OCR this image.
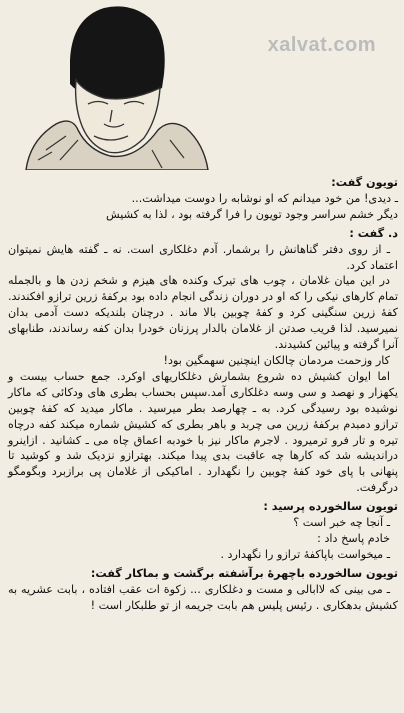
xalvat.com

تویون گفت:

ـ دیدی! من خود میدانم که او نوشابه را دوست میداشت...

دیگر خشم سراسر وجود تویون را فرا گرفته بود ، لذا به کشیش

د. گفت :

ـ از روی دفتر گناهانش را برشمار. آدم دغلکاری است. نه ـ گفته هایش نمیتوان اعتماد کرد.

در این میان غلامان ، چوب های تیرک وکنده های هیزم و شخم زدن ها و بالجمله تمام کارهای نیکی را که او در دوران زندگی انجام داده بود برکفهٔ زرین ترازو افکندند. کفهٔ زرین سنگینی کرد و کفهٔ چوبین بالا ماند . درچنان بلندیکه دست آدمی بدان نمیرسید. لذا قریب صدتن از غلامان بالدار پرزنان خودرا بدان کفه رساندند، طنابهای آنرا گرفته و پیائین کشیدند.

کار وزحمت مردمان چالکان اینچنین سهمگین بود!

اما ایوان کشیش ده شروع بشمارش دغلکاریهای اوکرد. جمع حساب بیست و یکهزار و نهصد و سی وسه دغلکاری آمد.سپس بحساب بطری های ودکائی که ماکار نوشیده بود رسیدگی کرد. به ـ چهارصد بطر میرسید . ماکار میدید که کفهٔ چوبین ترازو دمبدم برکفهٔ زرین می چربد و باهر بطری که کشیش شماره میکند کفه درچاه تیره و تار فرو ترمیرود . لاجرم ماکار نیز با خودبه اعماق چاه می ـ کشانید . ازاینرو دراندیشه شد که کارها چه عاقبت بدی پیدا میکند. بهترازو نزدیک شد و کوشید تا پنهانی با پای خود کفهٔ چوبین را نگهدارد . اماکیکی از غلامان پی برازبرد وبگومگو درگرفت.

تویون سالخورده پرسید :

ـ آنجا چه خبر است ؟

خادم پاسخ داد :

ـ میخواست باپاکفهٔ ترازو را نگهدارد .

تویون سالخورده باچهرهٔ برآشفته برگشت و بماکار گفت:

ـ می بینی که لاابالی و مست و دغلکاری ... زکوة ات عقب افتاده ، بابت عشریه به کشیش بدهکاری . رئیس پلیس هم بابت جریمه از تو طلبکار است !
